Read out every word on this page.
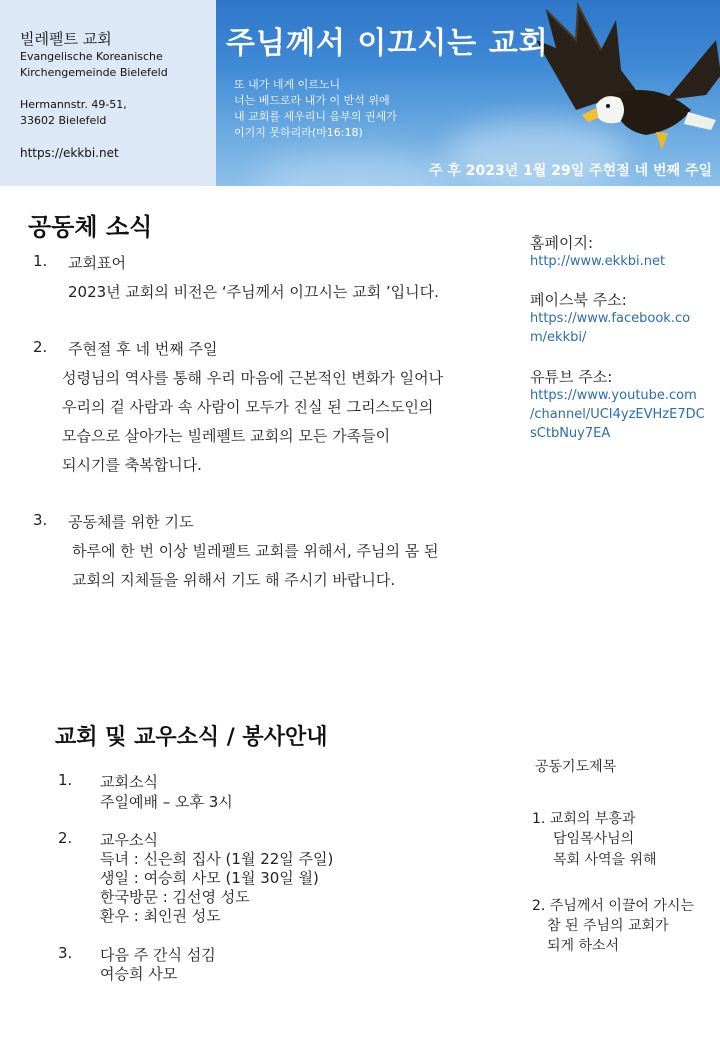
빌레펠트 교회
Evangelische Koreanische
Kirchengemeinde Bielefeld
Hermannstr. 49-51,
33602 Bielefeld
https://ekkbi.net
주님께서 이끄시는 교회
또 내가 네게 이르노니
너는 베드로라 내가 이 반석 위에
내 교회를 세우리니 음부의 권세가
이기지 못하리라(마16:18)
주 후 2023년 1월 29일 주현절 네 번째 주일
공동체 소식
1. 교회표어
2023년 교회의 비전은 ‘주님께서 이끄시는 교회 ’입니다.
2. 주현절 후 네 번째 주일
성령님의 역사를 통해 우리 마음에 근본적인 변화가 일어나
우리의 겉 사람과 속 사람이 모두가 진실 된 그리스도인의
모습으로 살아가는 빌레펠트 교회의 모든 가족들이
되시기를 축복합니다.
3. 공동체를 위한 기도
하루에 한 번 이상 빌레펠트 교회를 위해서, 주님의 몸 된
교회의 지체들을 위해서 기도 해 주시기 바랍니다.
홈페이지:
http://www.ekkbi.net
페이스북 주소:
https://www.facebook.co
m/ekkbi/
유튜브 주소:
https://www.youtube.com
/channel/UCI4yzEVHzE7DC
sCtbNuy7EA
교회 및 교우소식 / 봉사안내
1. 교회소식
주일예배 – 오후 3시
2. 교우소식
득녀 : 신은희 집사 (1월 22일 주일)
생일 : 여승희 사모 (1월 30일 월)
한국방문 : 김선영 성도
환우 : 최인권 성도
3. 다음 주 간식 섬김
여승희 사모
공동기도제목
1. 교회의 부흥과
담임목사님의
목회 사역을 위해
2. 주님께서 이끌어 가시는
참 된 주님의 교회가
되게 하소서
